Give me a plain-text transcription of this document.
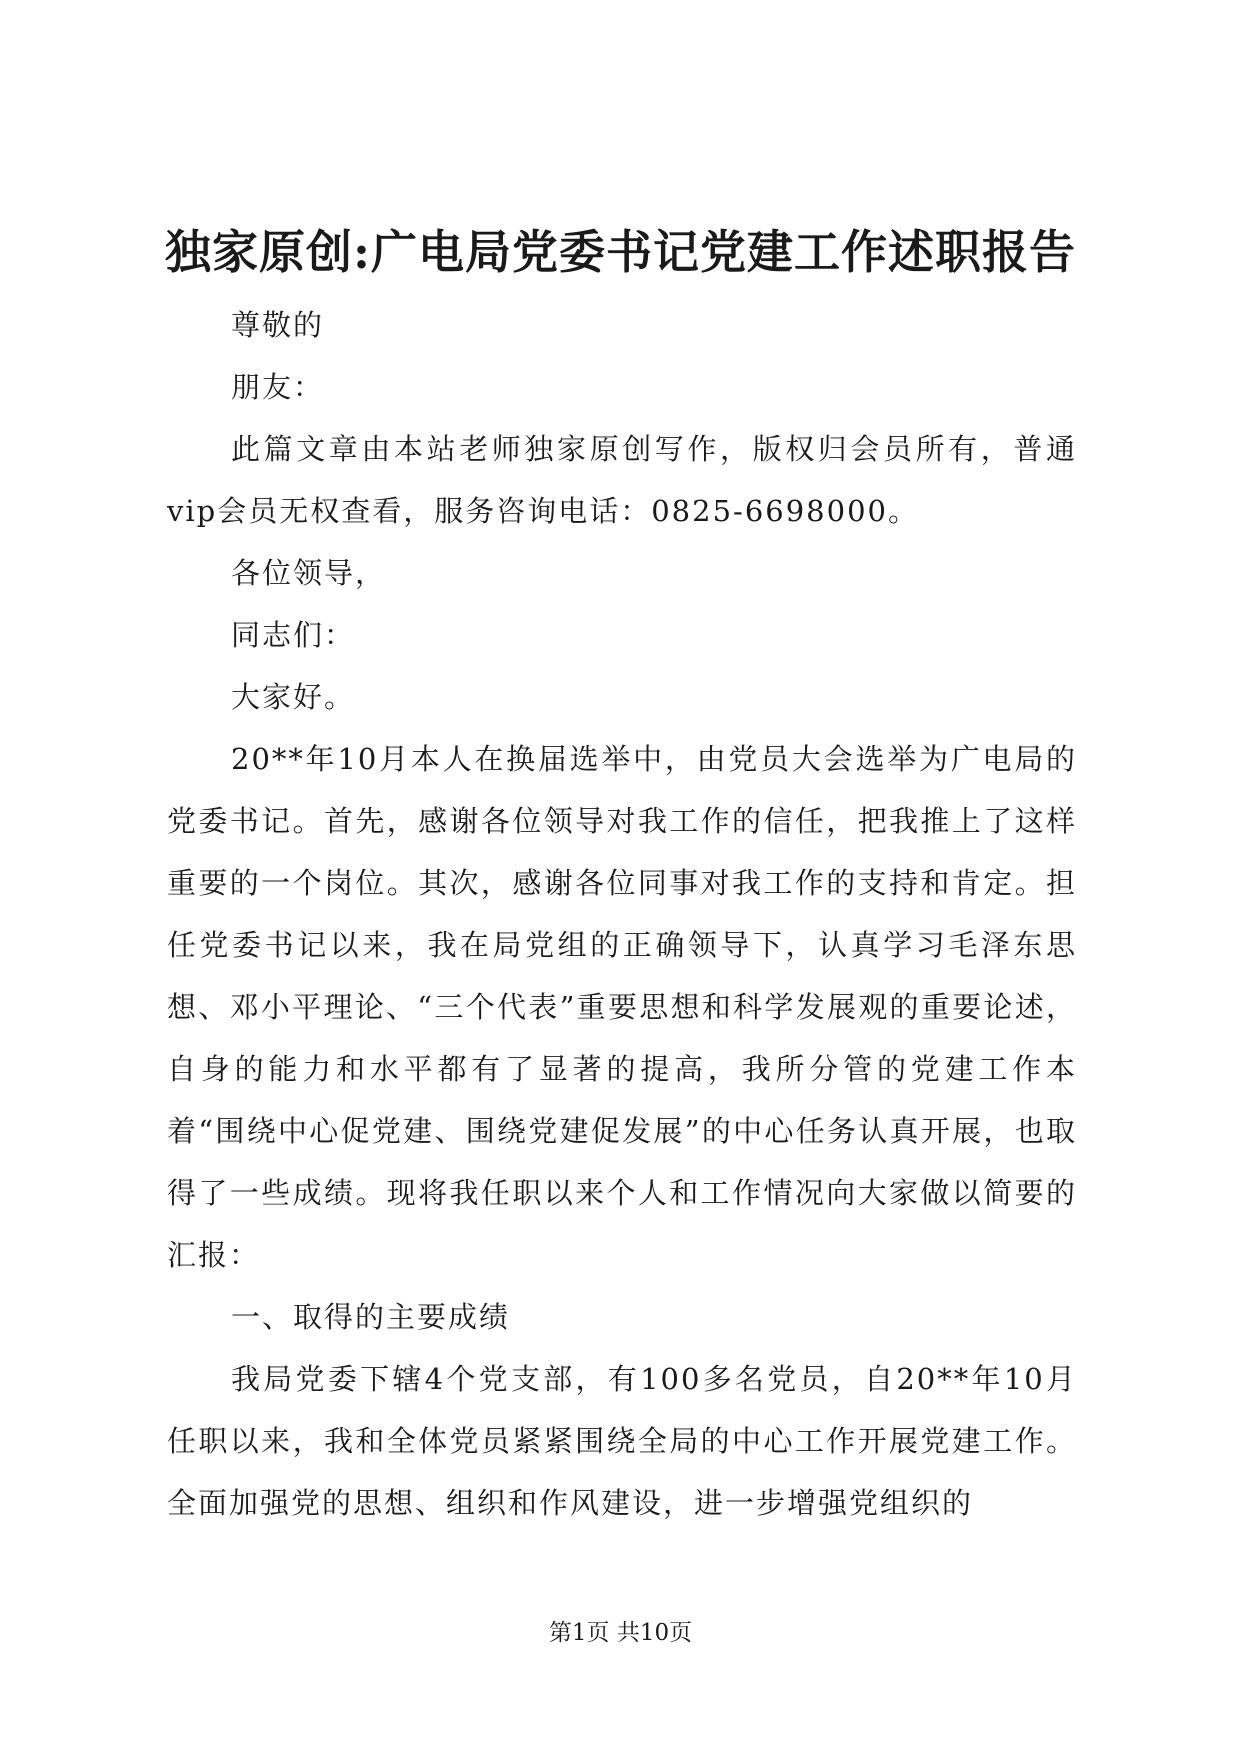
独家原创:广电局党委书记党建工作述职报告

尊敬的

朋友：

此篇文章由本站老师独家原创写作，版权归会员所有，普通vip会员无权查看，服务咨询电话：0825-6698000。

各位领导，

同志们：

大家好。

20**年10月本人在换届选举中，由党员大会选举为广电局的党委书记。首先，感谢各位领导对我工作的信任，把我推上了这样重要的一个岗位。其次，感谢各位同事对我工作的支持和肯定。担任党委书记以来，我在局党组的正确领导下，认真学习毛泽东思想、邓小平理论、“三个代表”重要思想和科学发展观的重要论述，自身的能力和水平都有了显著的提高，我所分管的党建工作本着“围绕中心促党建、围绕党建促发展”的中心任务认真开展，也取得了一些成绩。现将我任职以来个人和工作情况向大家做以简要的汇报：

一、取得的主要成绩

我局党委下辖4个党支部，有100多名党员，自20**年10月任职以来，我和全体党员紧紧围绕全局的中心工作开展党建工作。全面加强党的思想、组织和作风建设，进一步增强党组织的

第1页 共10页
